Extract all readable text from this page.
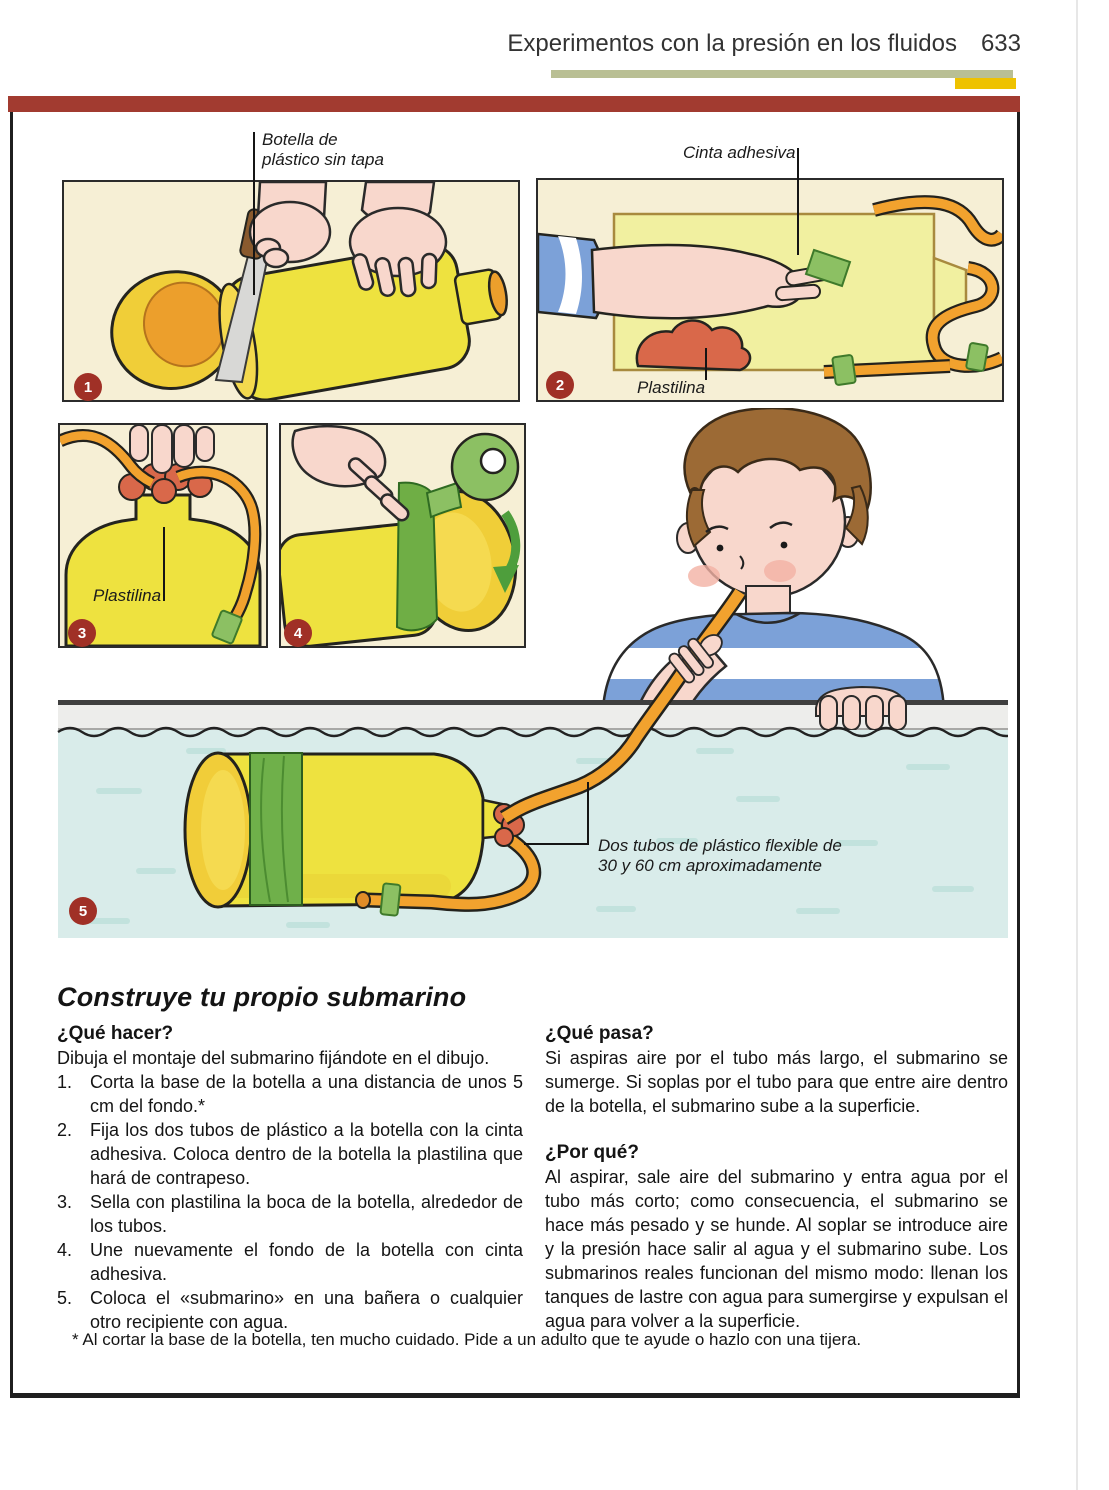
Experimentos con la presión en los fluidos 633
Botella de
plástico sin tapa	Cinta adhesiva
Plastilina
Plastilina
Dos tubos de plástico flexible de
30 y 60 cm aproximadamente
1	2
3	4
5
Construye tu propio submarino
¿Qué hacer?
Dibuja el montaje del submarino fijándote en el dibujo.
1. Corta la base de la botella a una distancia de unos 5 cm del fondo.*
2. Fija los dos tubos de plástico a la botella con la cinta adhesiva. Coloca dentro de la botella la plastilina que hará de contrapeso.
3. Sella con plastilina la boca de la botella, alrededor de los tubos.
4. Une nuevamente el fondo de la botella con cinta adhesiva.
5. Coloca el «submarino» en una bañera o cualquier otro recipiente con agua.
¿Qué pasa?
Si aspiras aire por el tubo más largo, el submarino se sumerge. Si soplas por el tubo para que entre aire dentro de la botella, el submarino sube a la superficie.
¿Por qué?
Al aspirar, sale aire del submarino y entra agua por el tubo más corto; como consecuencia, el submarino se hace más pesado y se hunde. Al soplar se introduce aire y la presión hace salir al agua y el submarino sube. Los submarinos reales funcionan del mismo modo: llenan los tanques de lastre con agua para sumergirse y expulsan el agua para volver a la superficie.
* Al cortar la base de la botella, ten mucho cuidado. Pide a un adulto que te ayude o hazlo con una tijera.
